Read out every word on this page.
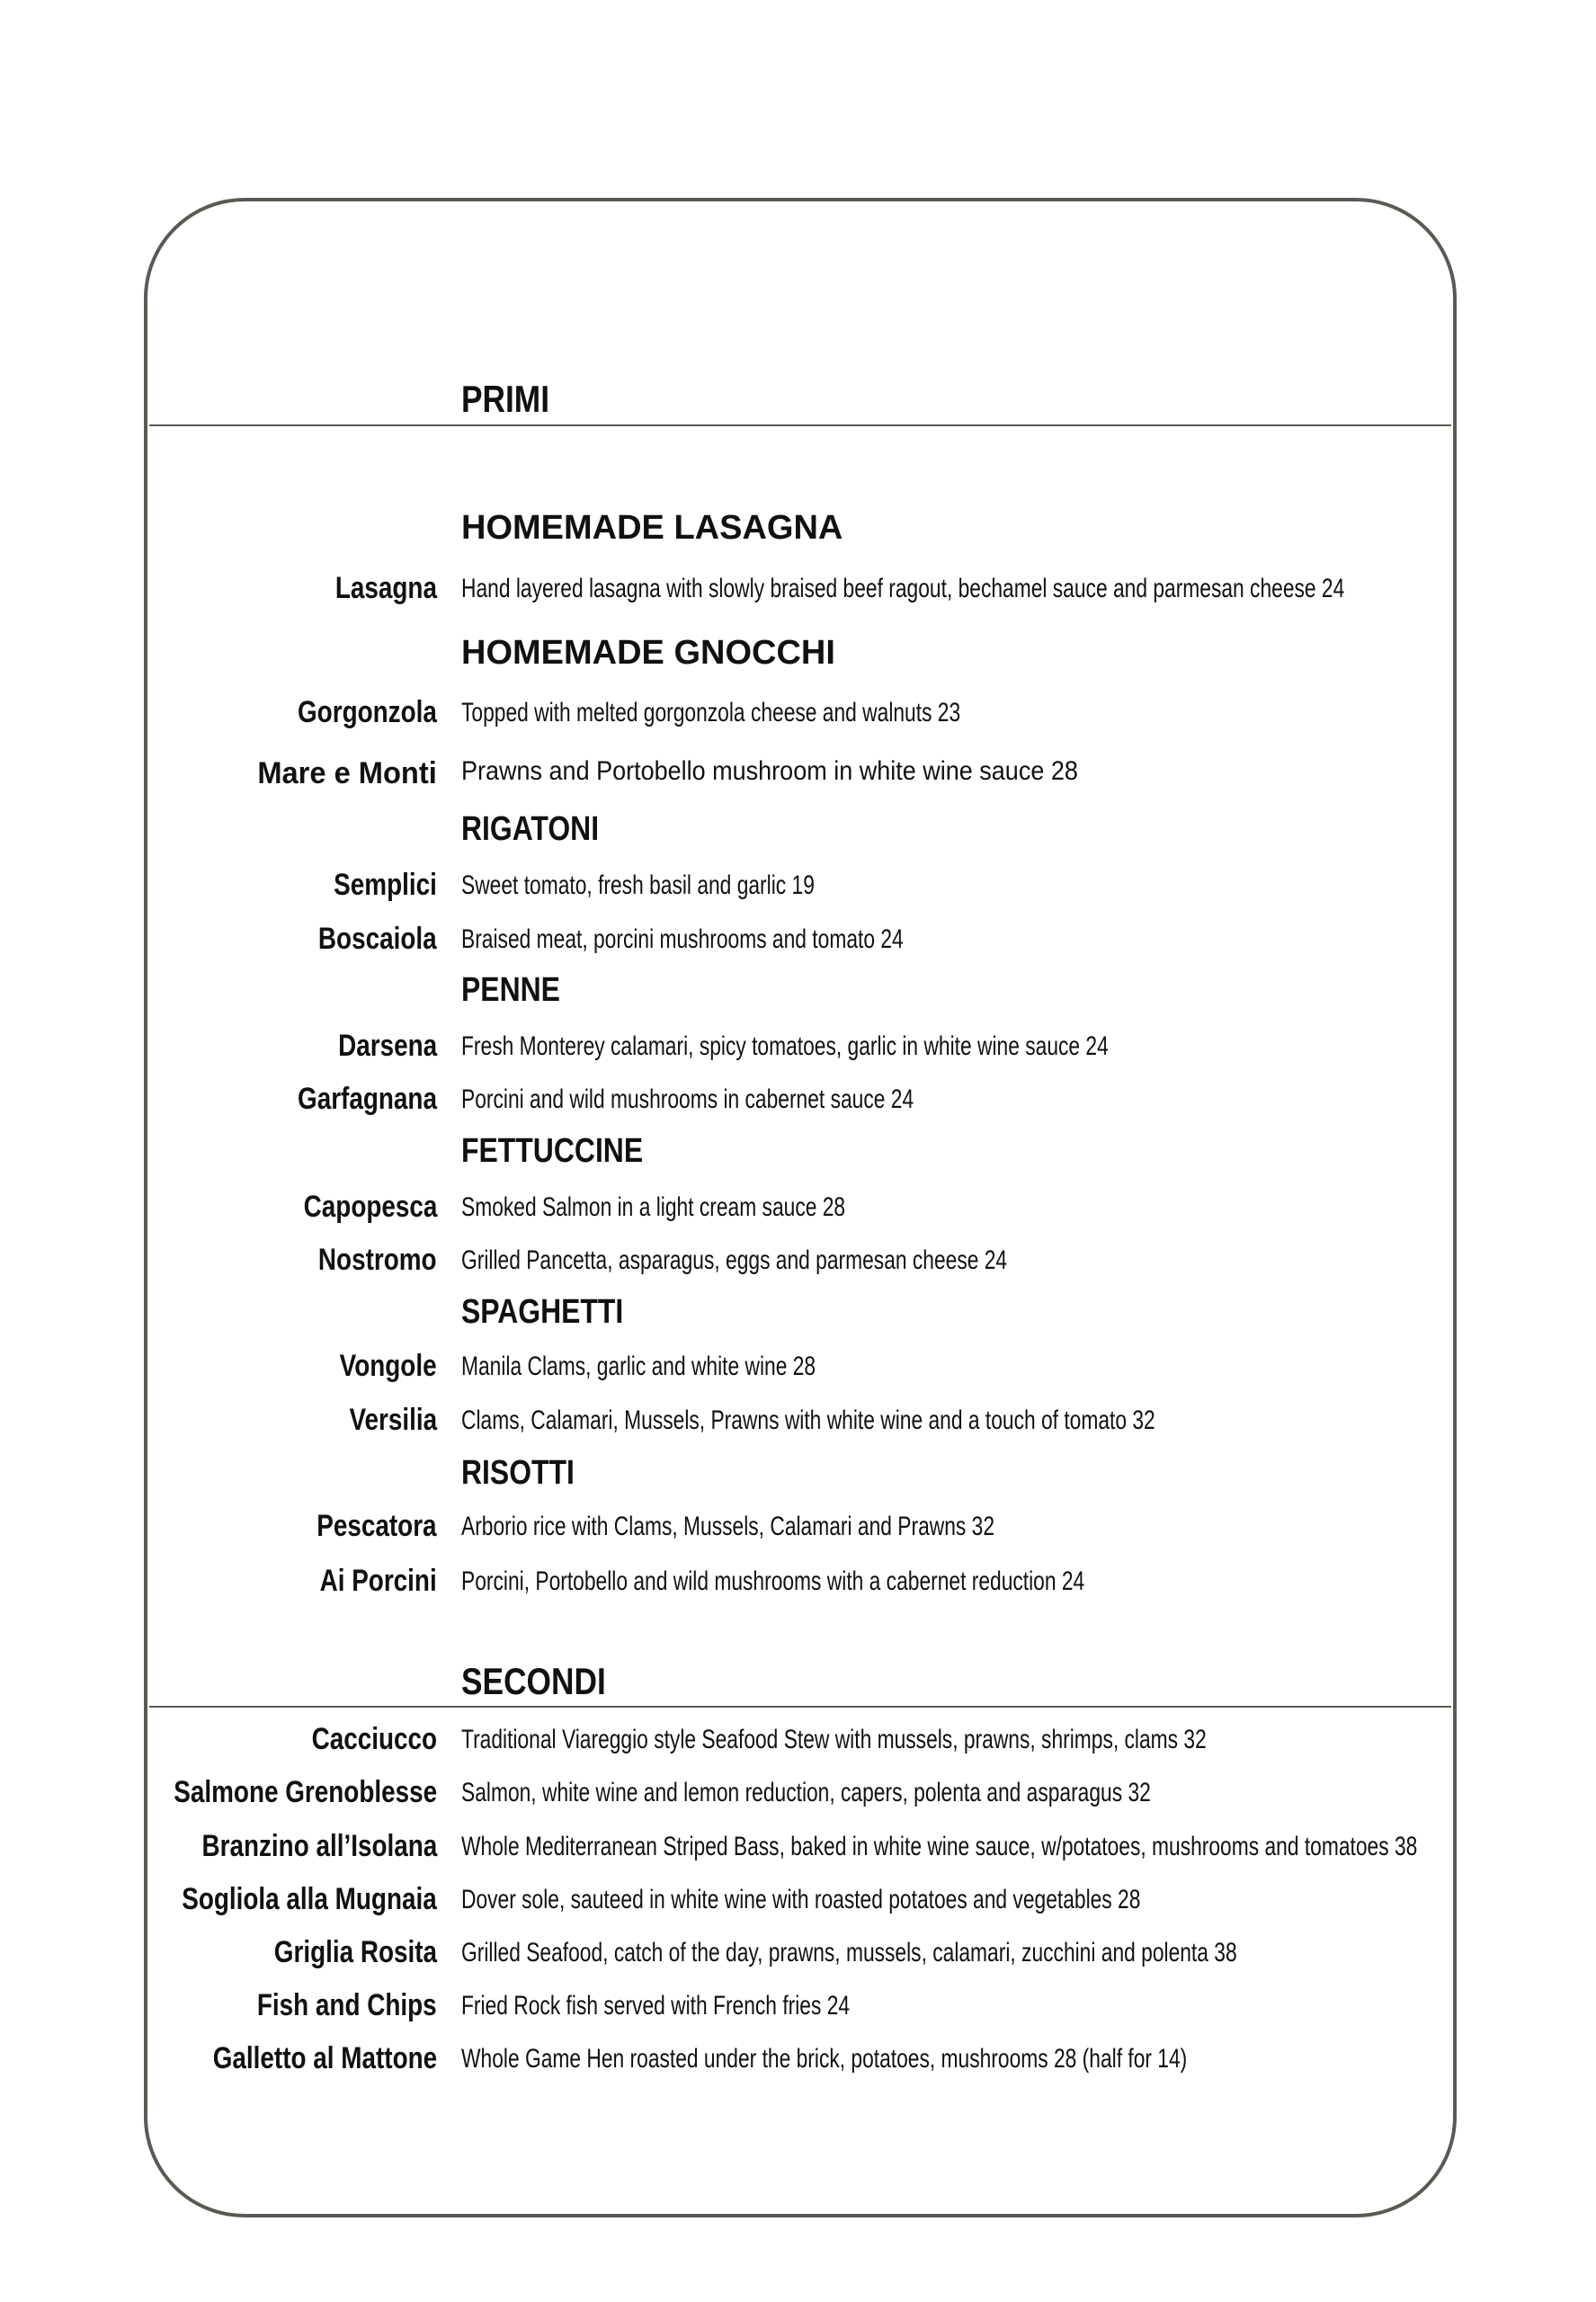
PRIMI
HOMEMADE LASAGNA
Lasagna Hand layered lasagna with slowly braised beef ragout, bechamel sauce and parmesan cheese 24
HOMEMADE GNOCCHI
Gorgonzola Topped with melted gorgonzola cheese and walnuts 23
Mare e Monti Prawns and Portobello mushroom in white wine sauce 28
RIGATONI
Semplici Sweet tomato, fresh basil and garlic 19
Boscaiola Braised meat, porcini mushrooms and tomato 24
PENNE
Darsena Fresh Monterey calamari, spicy tomatoes, garlic in white wine sauce 24
Garfagnana Porcini and wild mushrooms in cabernet sauce 24
FETTUCCINE
Capopesca Smoked Salmon in a light cream sauce 28
Nostromo Grilled Pancetta, asparagus, eggs and parmesan cheese 24
SPAGHETTI
Vongole Manila Clams, garlic and white wine 28
Versilia Clams, Calamari, Mussels, Prawns with white wine and a touch of tomato 32
RISOTTI
Pescatora Arborio rice with Clams, Mussels, Calamari and Prawns 32
Ai Porcini Porcini, Portobello and wild mushrooms with a cabernet reduction 24
SECONDI
Cacciucco Traditional Viareggio style Seafood Stew with mussels, prawns, shrimps, clams 32
Salmone Grenoblesse Salmon, white wine and lemon reduction, capers, polenta and asparagus 32
Branzino all’Isolana Whole Mediterranean Striped Bass, baked in white wine sauce, w/potatoes, mushrooms and tomatoes 38
Sogliola alla Mugnaia Dover sole, sauteed in white wine with roasted potatoes and vegetables 28
Griglia Rosita Grilled Seafood, catch of the day, prawns, mussels, calamari, zucchini and polenta 38
Fish and Chips Fried Rock fish served with French fries 24
Galletto al Mattone Whole Game Hen roasted under the brick, potatoes, mushrooms 28 (half for 14)
